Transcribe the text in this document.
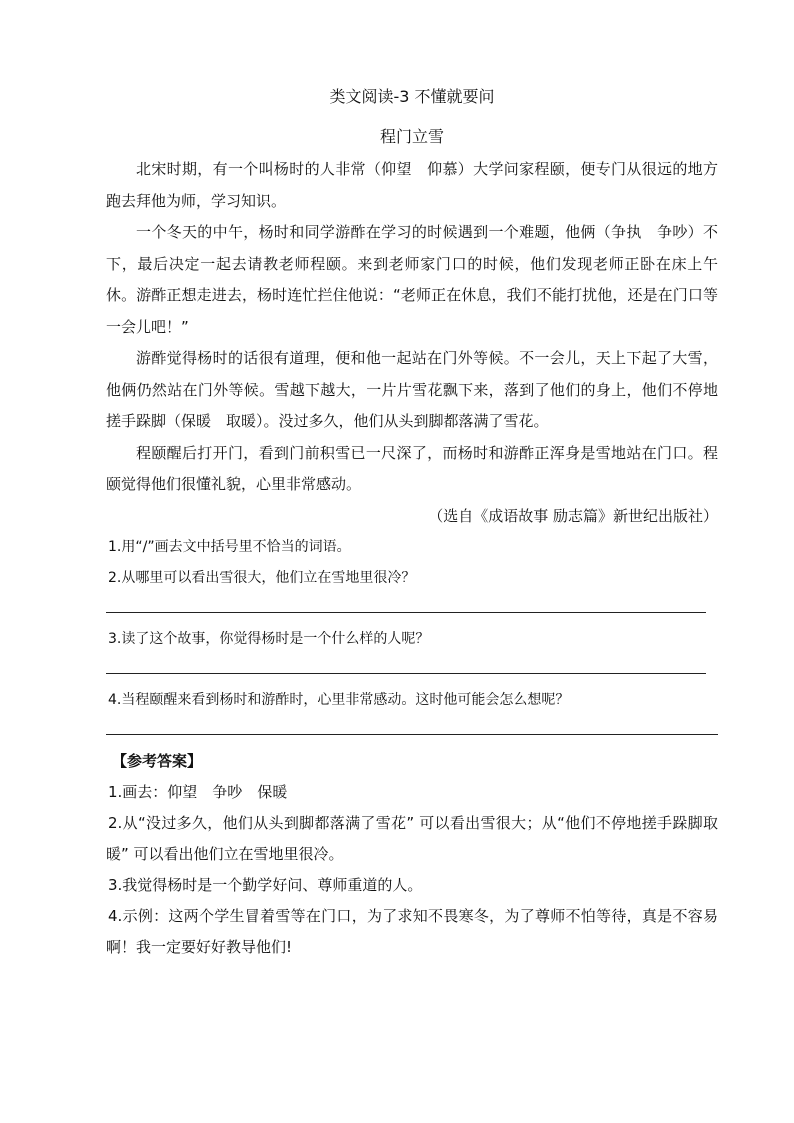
类文阅读-3 不懂就要问
程门立雪

北宋时期，有一个叫杨时的人非常（仰望　仰慕）大学问家程颐，便专门从很远的地方跑去拜他为师，学习知识。

一个冬天的中午，杨时和同学游酢在学习的时候遇到一个难题，他俩（争执　争吵）不下，最后决定一起去请教老师程颐。来到老师家门口的时候，他们发现老师正卧在床上午休。游酢正想走进去，杨时连忙拦住他说：“老师正在休息，我们不能打扰他，还是在门口等一会儿吧！”

游酢觉得杨时的话很有道理，便和他一起站在门外等候。不一会儿，天上下起了大雪，他俩仍然站在门外等候。雪越下越大，一片片雪花飘下来，落到了他们的身上，他们不停地搓手跺脚（保暖　取暖）。没过多久，他们从头到脚都落满了雪花。

程颐醒后打开门，看到门前积雪已一尺深了，而杨时和游酢正浑身是雪地站在门口。程颐觉得他们很懂礼貌，心里非常感动。

（选自《成语故事 励志篇》新世纪出版社）

1.用“/”画去文中括号里不恰当的词语。

2.从哪里可以看出雪很大，他们立在雪地里很冷？

3.读了这个故事，你觉得杨时是一个什么样的人呢？

4.当程颐醒来看到杨时和游酢时，心里非常感动。这时他可能会怎么想呢？

【参考答案】

1.画去：仰望　争吵　保暖

2.从“没过多久，他们从头到脚都落满了雪花” 可以看出雪很大；从“他们不停地搓手跺脚取暖” 可以看出他们立在雪地里很冷。

3.我觉得杨时是一个勤学好问、尊师重道的人。

4.示例：这两个学生冒着雪等在门口，为了求知不畏寒冬，为了尊师不怕等待，真是不容易啊！我一定要好好教导他们!
